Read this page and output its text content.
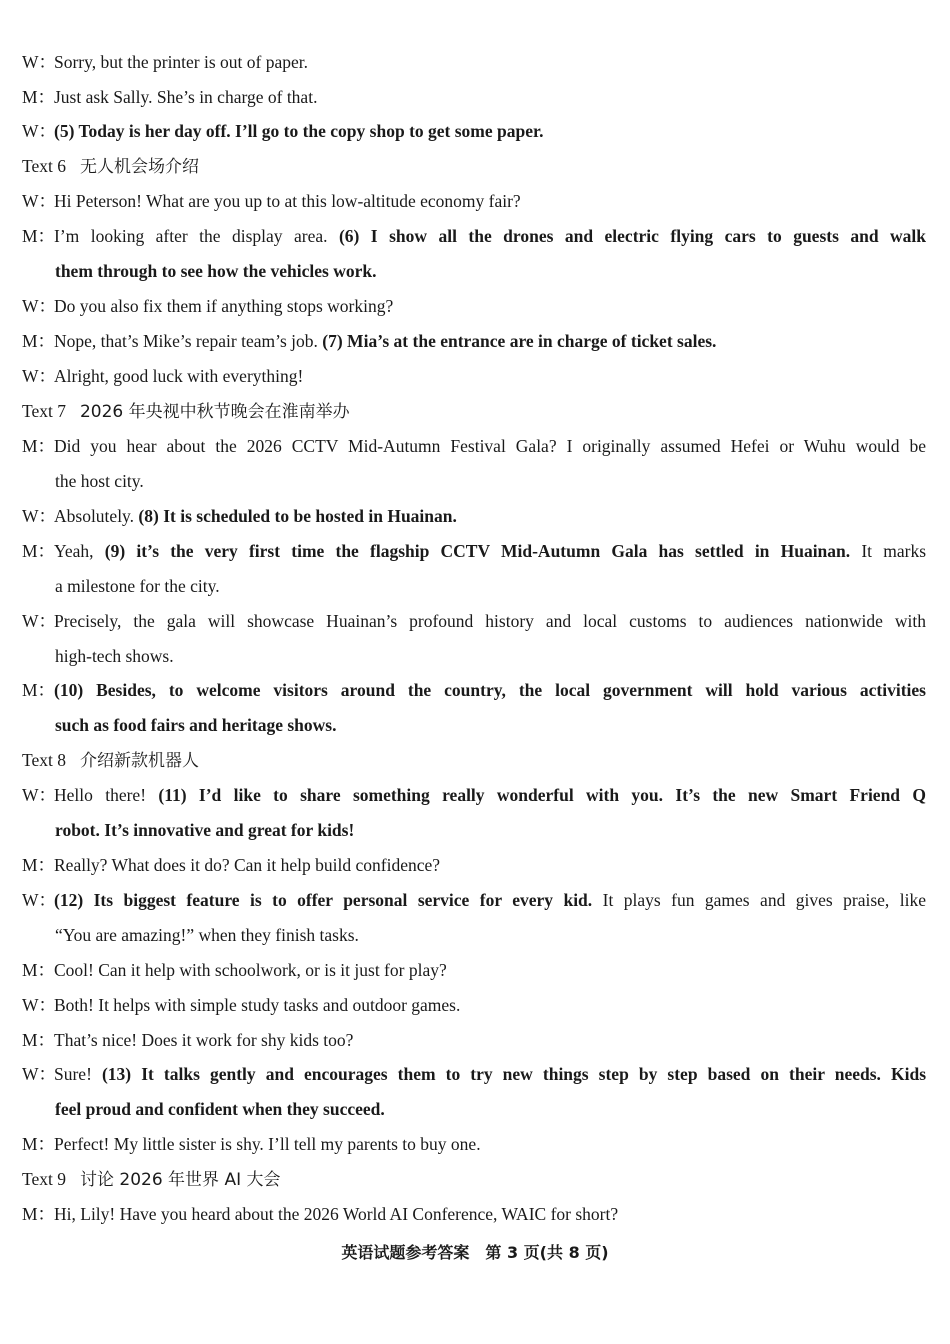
W：Sorry, but the printer is out of paper.
M：Just ask Sally. She’s in charge of that.
W：(5) Today is her day off. I’ll go to the copy shop to get some paper.
Text 6 无人机会场介绍
W：Hi Peterson! What are you up to at this low-altitude economy fair?
M：I’m looking after the display area. (6) I show all the drones and electric flying cars to guests and walk
them through to see how the vehicles work.
W：Do you also fix them if anything stops working?
M：Nope, that’s Mike’s repair team’s job. (7) Mia’s at the entrance are in charge of ticket sales.
W：Alright, good luck with everything!
Text 7 2026 年央视中秋节晚会在淮南举办
M：Did you hear about the 2026 CCTV Mid-Autumn Festival Gala? I originally assumed Hefei or Wuhu would be
the host city.
W：Absolutely. (8) It is scheduled to be hosted in Huainan.
M：Yeah, (9) it’s the very first time the flagship CCTV Mid-Autumn Gala has settled in Huainan. It marks
a milestone for the city.
W：Precisely, the gala will showcase Huainan’s profound history and local customs to audiences nationwide with
high-tech shows.
M：(10) Besides, to welcome visitors around the country, the local government will hold various activities
such as food fairs and heritage shows.
Text 8 介绍新款机器人
W：Hello there! (11) I’d like to share something really wonderful with you. It’s the new Smart Friend Q
robot. It’s innovative and great for kids!
M：Really? What does it do? Can it help build confidence?
W：(12) Its biggest feature is to offer personal service for every kid. It plays fun games and gives praise, like
“You are amazing!” when they finish tasks.
M：Cool! Can it help with schoolwork, or is it just for play?
W：Both! It helps with simple study tasks and outdoor games.
M：That’s nice! Does it work for shy kids too?
W：Sure! (13) It talks gently and encourages them to try new things step by step based on their needs. Kids
feel proud and confident when they succeed.
M：Perfect! My little sister is shy. I’ll tell my parents to buy one.
Text 9 讨论 2026 年世界 AI 大会
M：Hi, Lily! Have you heard about the 2026 World AI Conference, WAIC for short?
英语试题参考答案　第 3 页(共 8 页)
